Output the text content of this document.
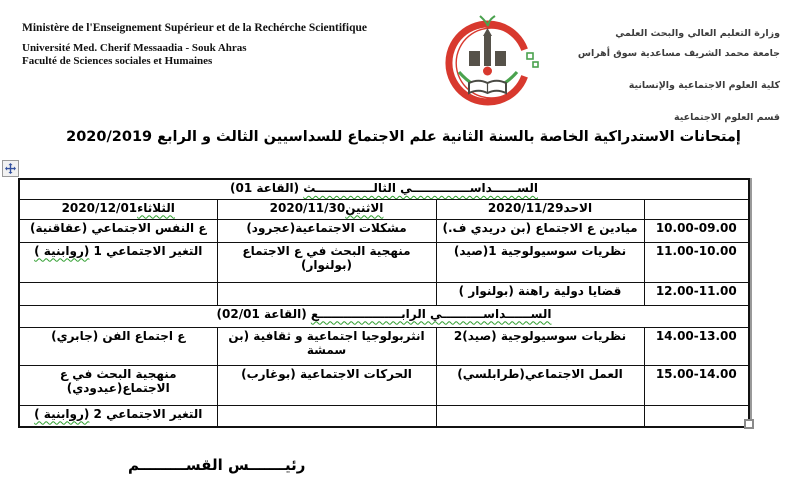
Ministère de l'Enseignement Supérieur et de la Rechérche Scientifique
Université Med. Cherif Messaadia - Souk Ahras
Faculté de Sciences sociales et Humaines
وزارة التعليم العالي والبحث العلمي
جامعة محمد الشريف مساعدية سوق أهراس
كلية العلوم الاجتماعية والإنسانية
قسم العلوم الاجتماعية
إمتحانات الاستدراكية الخاصة بالسنة الثانية علم الاجتماع للسداسيين الثالث و الرابع 2020/2019
الســــــداســــــــــــــي الثالــــــــــــــث (القاعة 01)			
	الاحد2020/11/29	الاثنين2020/11/30	الثلاثاء2020/12/01
10.00-09.00	ميادين ع الاجتماع (بن دريدي ف.)	مشكلات الاجتماعية(عجرود)	ع النفس الاجتماعي (عقاقنية)
11.00-10.00	نظريات سوسيولوجية 1(صيد)	منهجية البحث في ع الاجتماع (بولنوار)	التغير الاجتماعي 1 (روابنية )
12.00-11.00	قضايا دولية راهنة (بولنوار )		
الســــــداســــــــــي الرابــــــــــــــــــــع (القاعة 02/01)			
14.00-13.00	نظريات سوسيولوجية (صيد)2	انثربولوجيا اجتماعية و ثقافية (بن سمشة	ع اجتماع الفن (جابري)
15.00-14.00	العمل الاجتماعي(طرابلسي)	الحركات الاجتماعية (بوغارب)	منهجية البحث في ع الاجتماع(عيدودي)
			التغير الاجتماعي 2 (روابنية )
رئيـــــــس القســـــــــم
